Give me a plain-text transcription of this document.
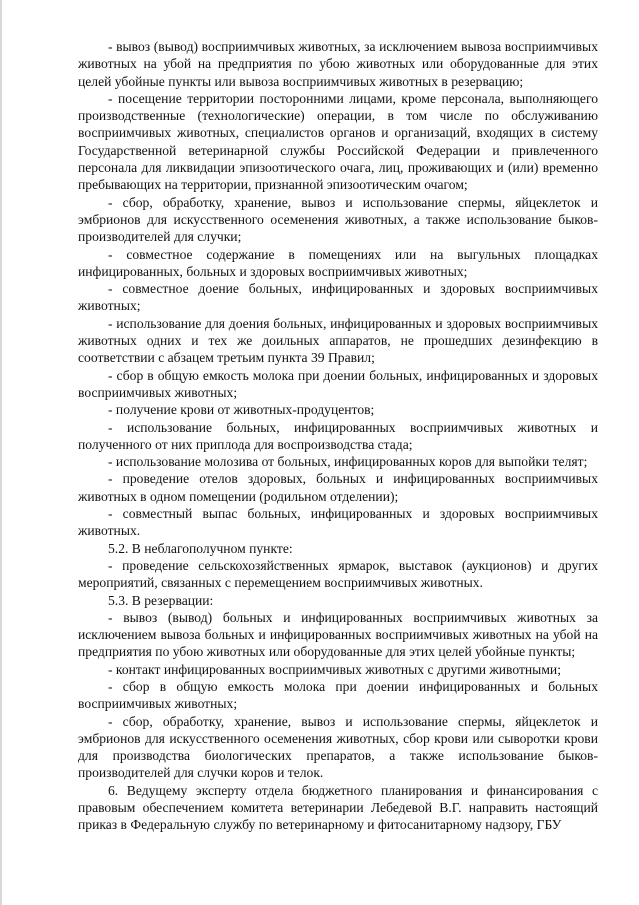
- вывоз (вывод) восприимчивых животных, за исключением вывоза восприимчивых животных на убой на предприятия по убою животных или оборудованные для этих целей убойные пункты или вывоза восприимчивых животных в резервацию;

- посещение территории посторонними лицами, кроме персонала, выполняющего производственные (технологические) операции, в том числе по обслуживанию восприимчивых животных, специалистов органов и организаций, входящих в систему Государственной ветеринарной службы Российской Федерации и привлеченного персонала для ликвидации эпизоотического очага, лиц, проживающих и (или) временно пребывающих на территории, признанной эпизоотическим очагом;

- сбор, обработку, хранение, вывоз и использование спермы, яйцеклеток и эмбрионов для искусственного осеменения животных, а также использование быков-производителей для случки;

- совместное содержание в помещениях или на выгульных площадках инфицированных, больных и здоровых восприимчивых животных;

- совместное доение больных, инфицированных и здоровых восприимчивых животных;

- использование для доения больных, инфицированных и здоровых восприимчивых животных одних и тех же доильных аппаратов, не прошедших дезинфекцию в соответствии с абзацем третьим пункта 39 Правил;

- сбор в общую емкость молока при доении больных, инфицированных и здоровых восприимчивых животных;

- получение крови от животных-продуцентов;

- использование больных, инфицированных восприимчивых животных и полученного от них приплода для воспроизводства стада;

- использование молозива от больных, инфицированных коров для выпойки телят;

- проведение отелов здоровых, больных и инфицированных восприимчивых животных в одном помещении (родильном отделении);

- совместный выпас больных, инфицированных и здоровых восприимчивых животных.

5.2. В неблагополучном пункте:

- проведение сельскохозяйственных ярмарок, выставок (аукционов) и других мероприятий, связанных с перемещением восприимчивых животных.

5.3. В резервации:

- вывоз (вывод) больных и инфицированных восприимчивых животных за исключением вывоза больных и инфицированных восприимчивых животных на убой на предприятия по убою животных или оборудованные для этих целей убойные пункты;

- контакт инфицированных восприимчивых животных с другими животными;

- сбор в общую емкость молока при доении инфицированных и больных восприимчивых животных;

- сбор, обработку, хранение, вывоз и использование спермы, яйцеклеток и эмбрионов для искусственного осеменения животных, сбор крови или сыворотки крови для производства биологических препаратов, а также использование быков-производителей для случки коров и телок.

6. Ведущему эксперту отдела бюджетного планирования и финансирования с правовым обеспечением комитета ветеринарии Лебедевой В.Г. направить настоящий приказ в Федеральную службу по ветеринарному и фитосанитарному надзору, ГБУ
